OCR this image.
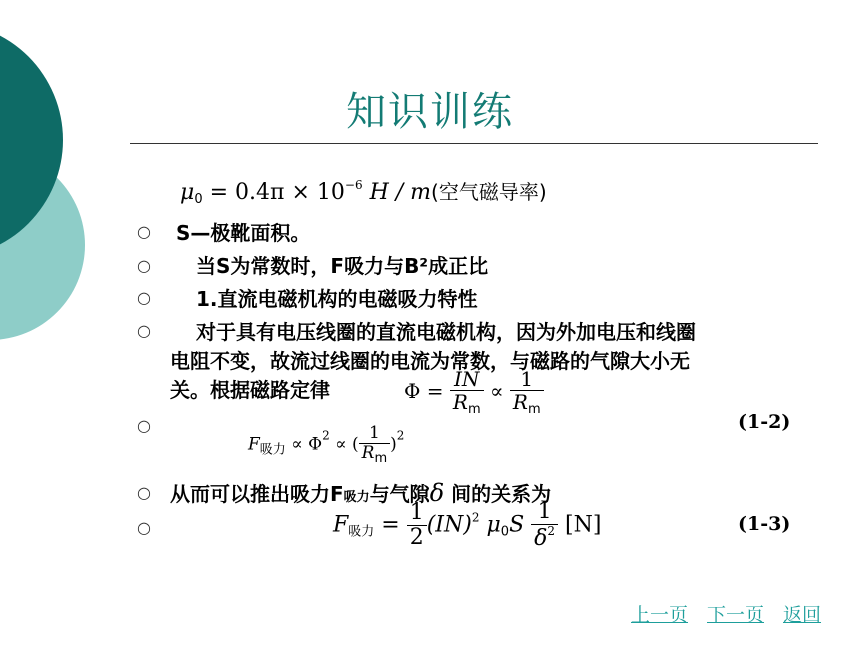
知识训练
$\mu_0 = 0.4\pi \times 10^{-6}$ H / m(空气磁导率)
○
○
○
○
○
○
○
S—极靴面积。
当S为常数时，F吸力与B²成正比
1.直流电磁机构的电磁吸力特性
对于具有电压线圈的直流电磁机构，因为外加电压和线圈
电阻不变，故流过线圈的电流为常数，与磁路的气隙大小无
关。根据磁路定律	$\Phi = \frac{IN}{R_m} \propto \frac{1}{R_m}$
(1-2)
$F_{吸力} \propto \Phi^2$ ∝ ( $\frac{1}{R_m} )^2$
从而可以推出吸力F吸力与气隙δ 间的关系为
$F_{吸力} = \frac{1}{2} (IN)^2$ $\mu_0S \frac{1}{\delta^2} [N]$	(1-3)
上一页 下一页 返回
